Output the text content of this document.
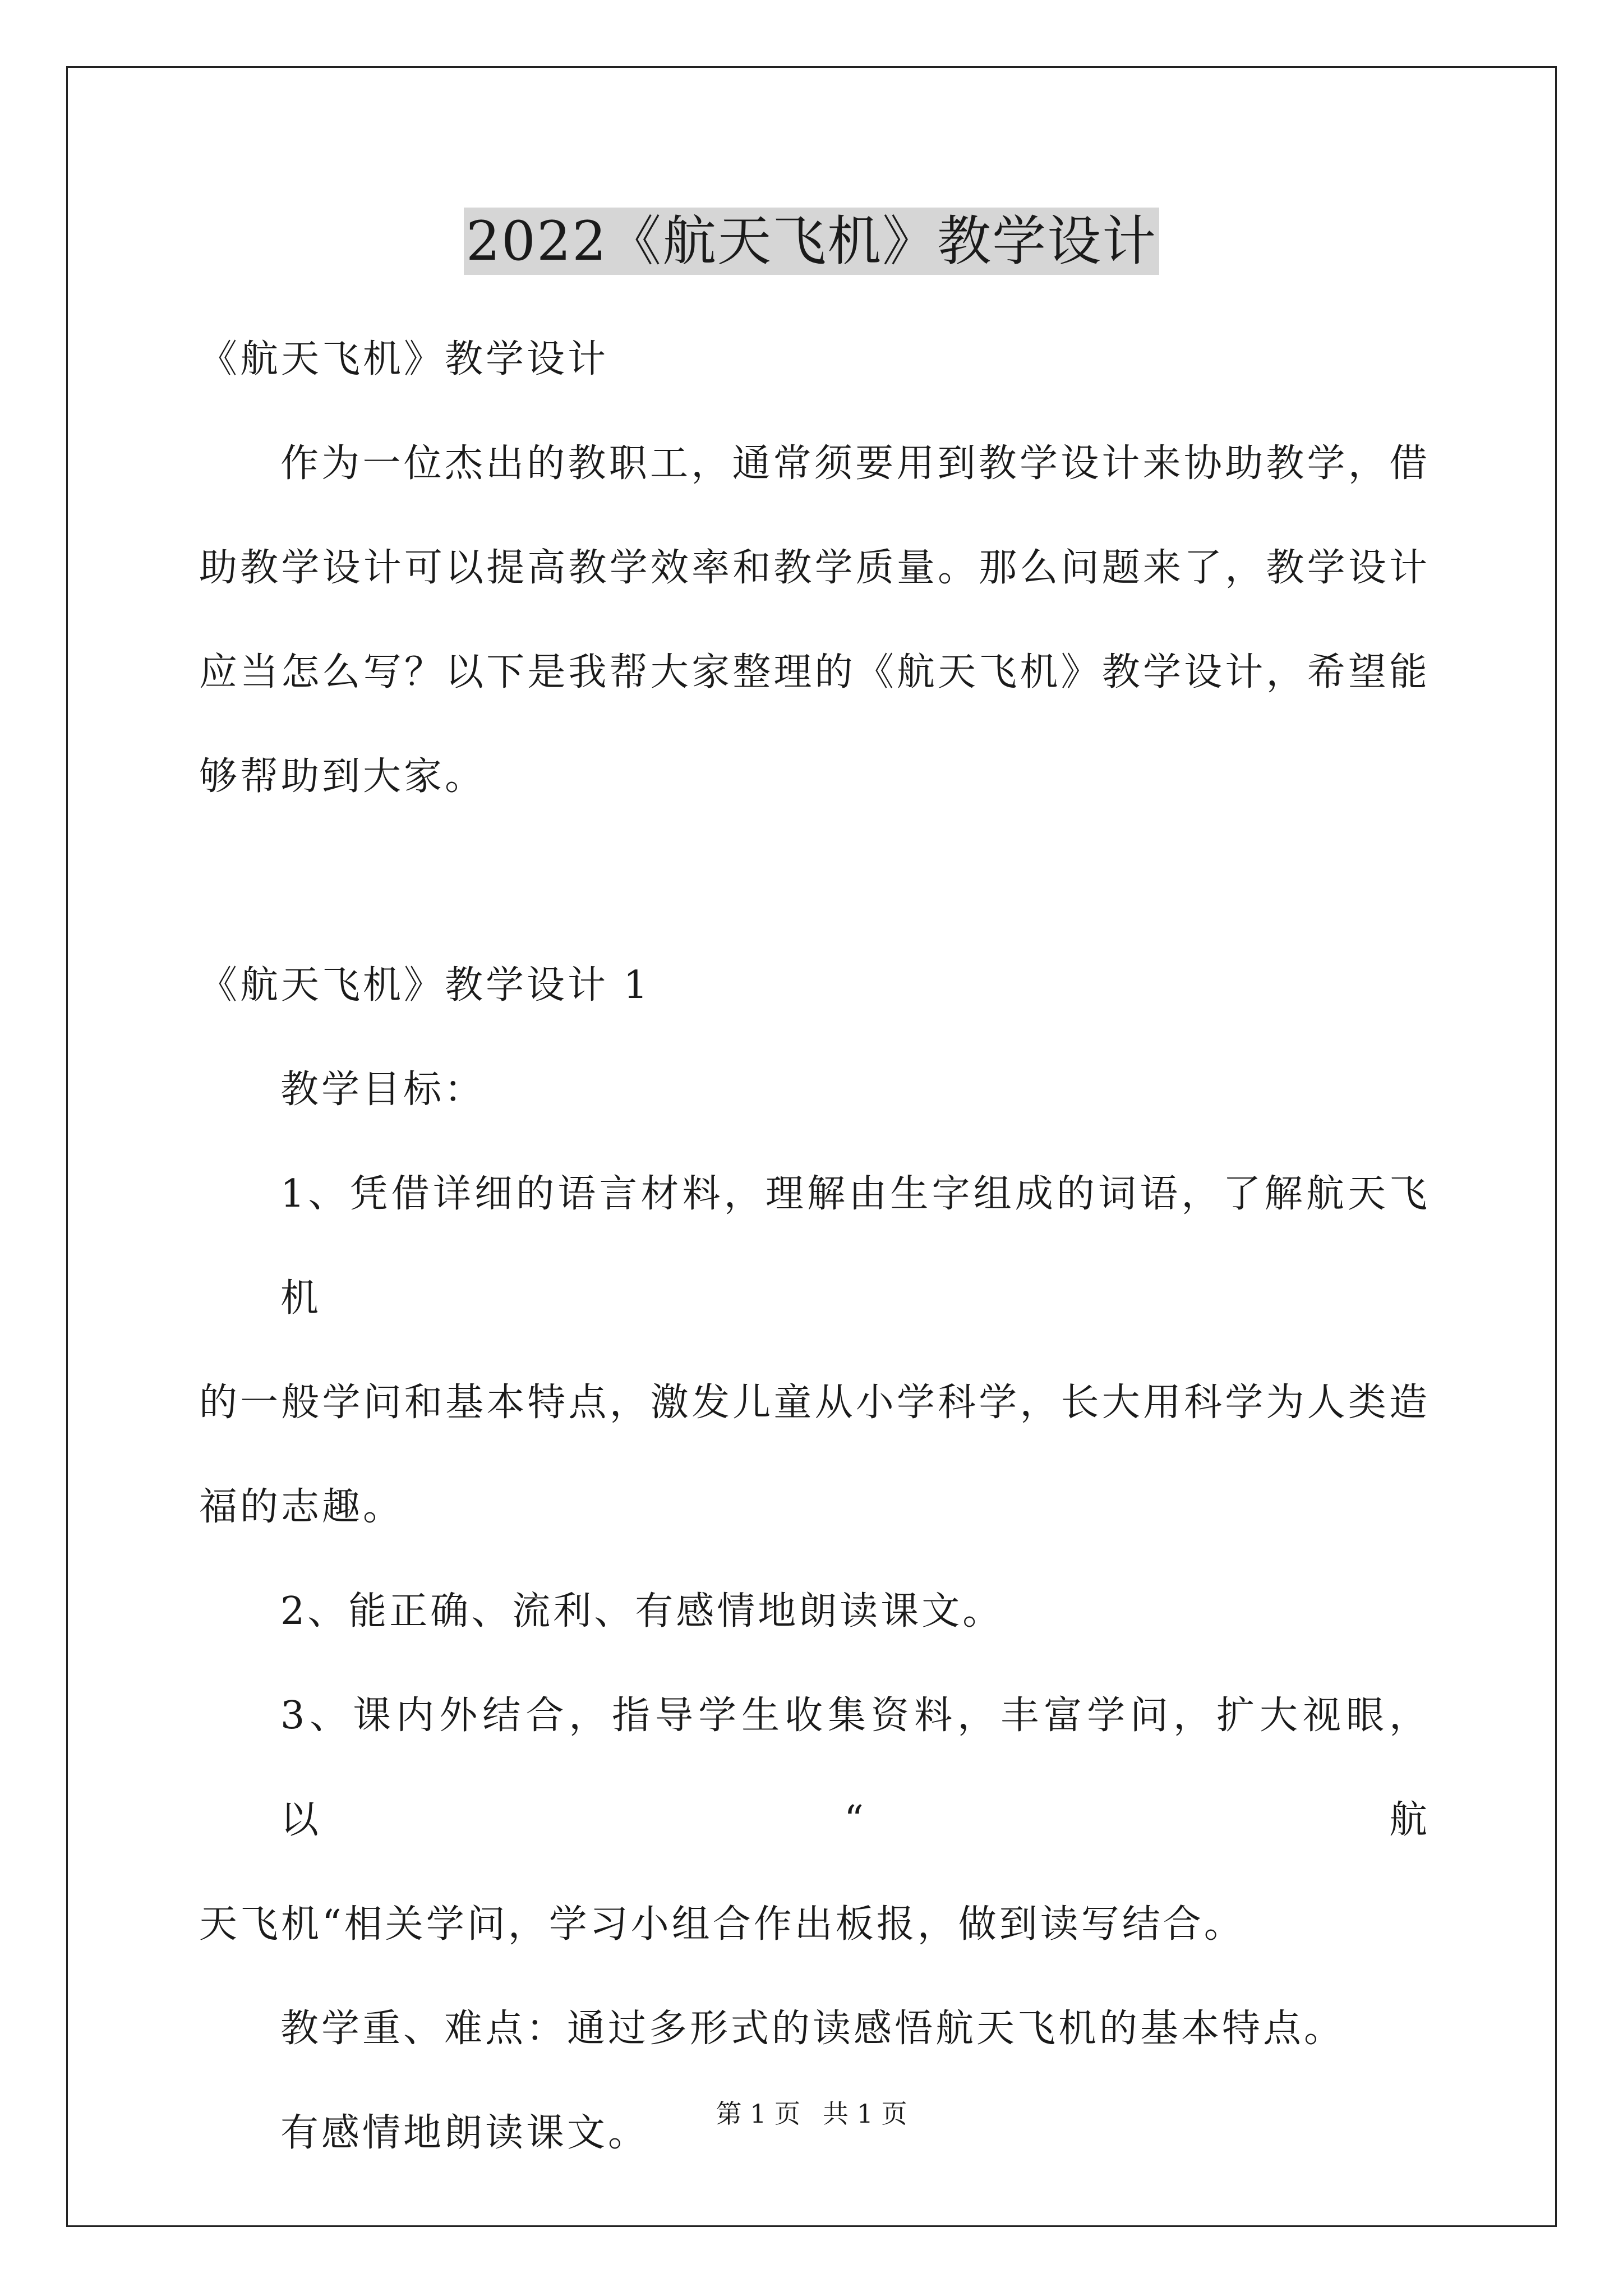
2022《航天飞机》教学设计
《航天飞机》教学设计
作为一位杰出的教职工，通常须要用到教学设计来协助教学，借
助教学设计可以提高教学效率和教学质量。那么问题来了，教学设计
应当怎么写？以下是我帮大家整理的《航天飞机》教学设计，希望能
够帮助到大家。
《航天飞机》教学设计 1
教学目标：
1、凭借详细的语言材料，理解由生字组成的词语，了解航天飞机
的一般学问和基本特点，激发儿童从小学科学，长大用科学为人类造
福的志趣。
2、能正确、流利、有感情地朗读课文。
3、课内外结合，指导学生收集资料，丰富学问，扩大视眼，以“航
天飞机“相关学问，学习小组合作出板报，做到读写结合。
教学重、难点：通过多形式的读感悟航天飞机的基本特点。
有感情地朗读课文。	第 1 页 共 1 页
